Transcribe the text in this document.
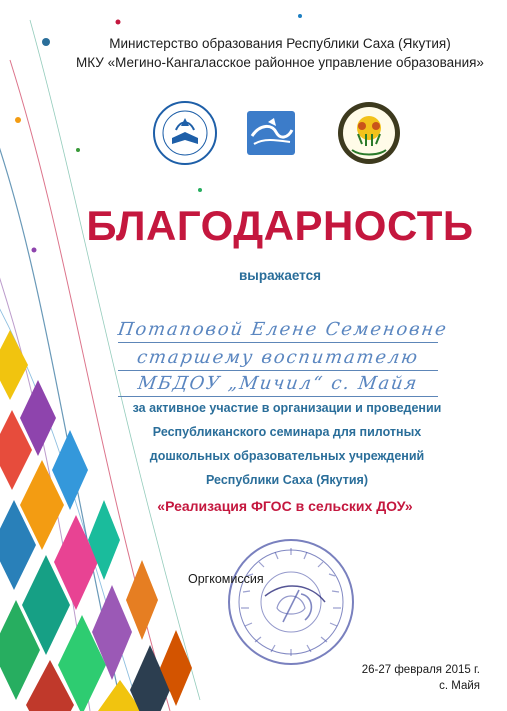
Министерство образования Республики Саха (Якутия)
МКУ «Мегино-Кангаласское районное управление образования»
БЛАГОДАРНОСТЬ
выражается
Потаповой Елене Семеновне
старшему воспитателю
МБДОУ „Мичил“ с. Майя
за активное участие в организации и проведении
Республиканского семинара для пилотных
дошкольных образовательных учреждений
Республики Саха (Якутия)
«Реализация ФГОС в сельских ДОУ»
Оргкомиссия
26-27 февраля 2015 г.
с. Майя
